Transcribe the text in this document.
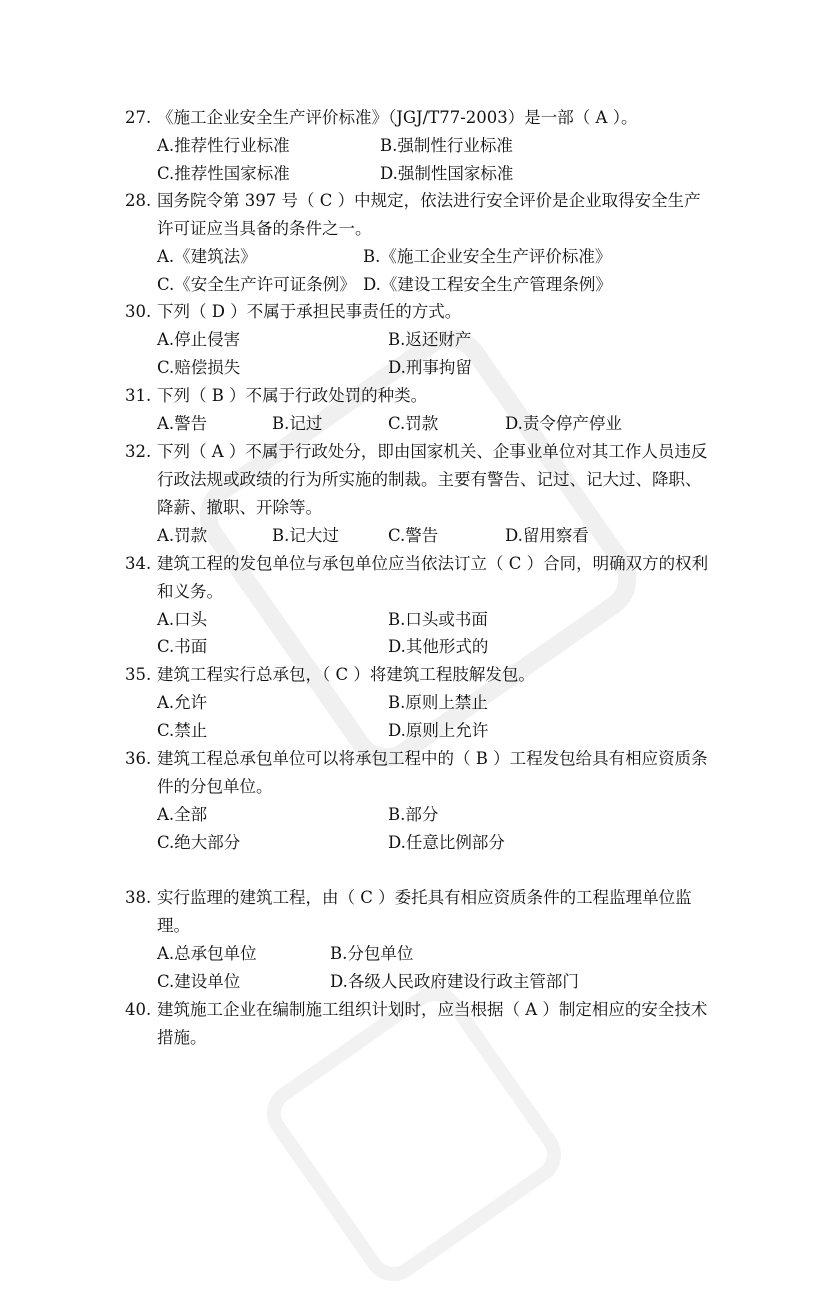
27. 《施工企业安全生产评价标准》（JGJ/T77-2003）是一部（ A ）。
A.推荐性行业标准	B.强制性行业标准
C.推荐性国家标准	D.强制性国家标准
28. 国务院令第 397 号（ C ）中规定，依法进行安全评价是企业取得安全生产许可证应当具备的条件之一。
A.《建筑法》	B.《施工企业安全生产评价标准》
C.《安全生产许可证条例》 D.《建设工程安全生产管理条例》
30. 下列（ D ）不属于承担民事责任的方式。
A.停止侵害	B.返还财产
C.赔偿损失	D.刑事拘留
31. 下列（ B ）不属于行政处罚的种类。
A.警告	B.记过	C.罚款	D.责令停产停业
32. 下列（ A ）不属于行政处分，即由国家机关、企事业单位对其工作人员违反行政法规或政绩的行为所实施的制裁。主要有警告、记过、记大过、降职、降薪、撤职、开除等。
A.罚款	B.记大过	C.警告	D.留用察看
34. 建筑工程的发包单位与承包单位应当依法订立（ C ）合同，明确双方的权利和义务。
A.口头	B.口头或书面
C.书面	D.其他形式的
35. 建筑工程实行总承包，（ C ）将建筑工程肢解发包。
A.允许	B.原则上禁止
C.禁止	D.原则上允许
36. 建筑工程总承包单位可以将承包工程中的（ B ）工程发包给具有相应资质条件的分包单位。
A.全部	B.部分
C.绝大部分	D.任意比例部分
38. 实行监理的建筑工程，由（ C ）委托具有相应资质条件的工程监理单位监理。
A.总承包单位	B.分包单位
C.建设单位	D.各级人民政府建设行政主管部门
40. 建筑施工企业在编制施工组织计划时，应当根据（ A ）制定相应的安全技术措施。
